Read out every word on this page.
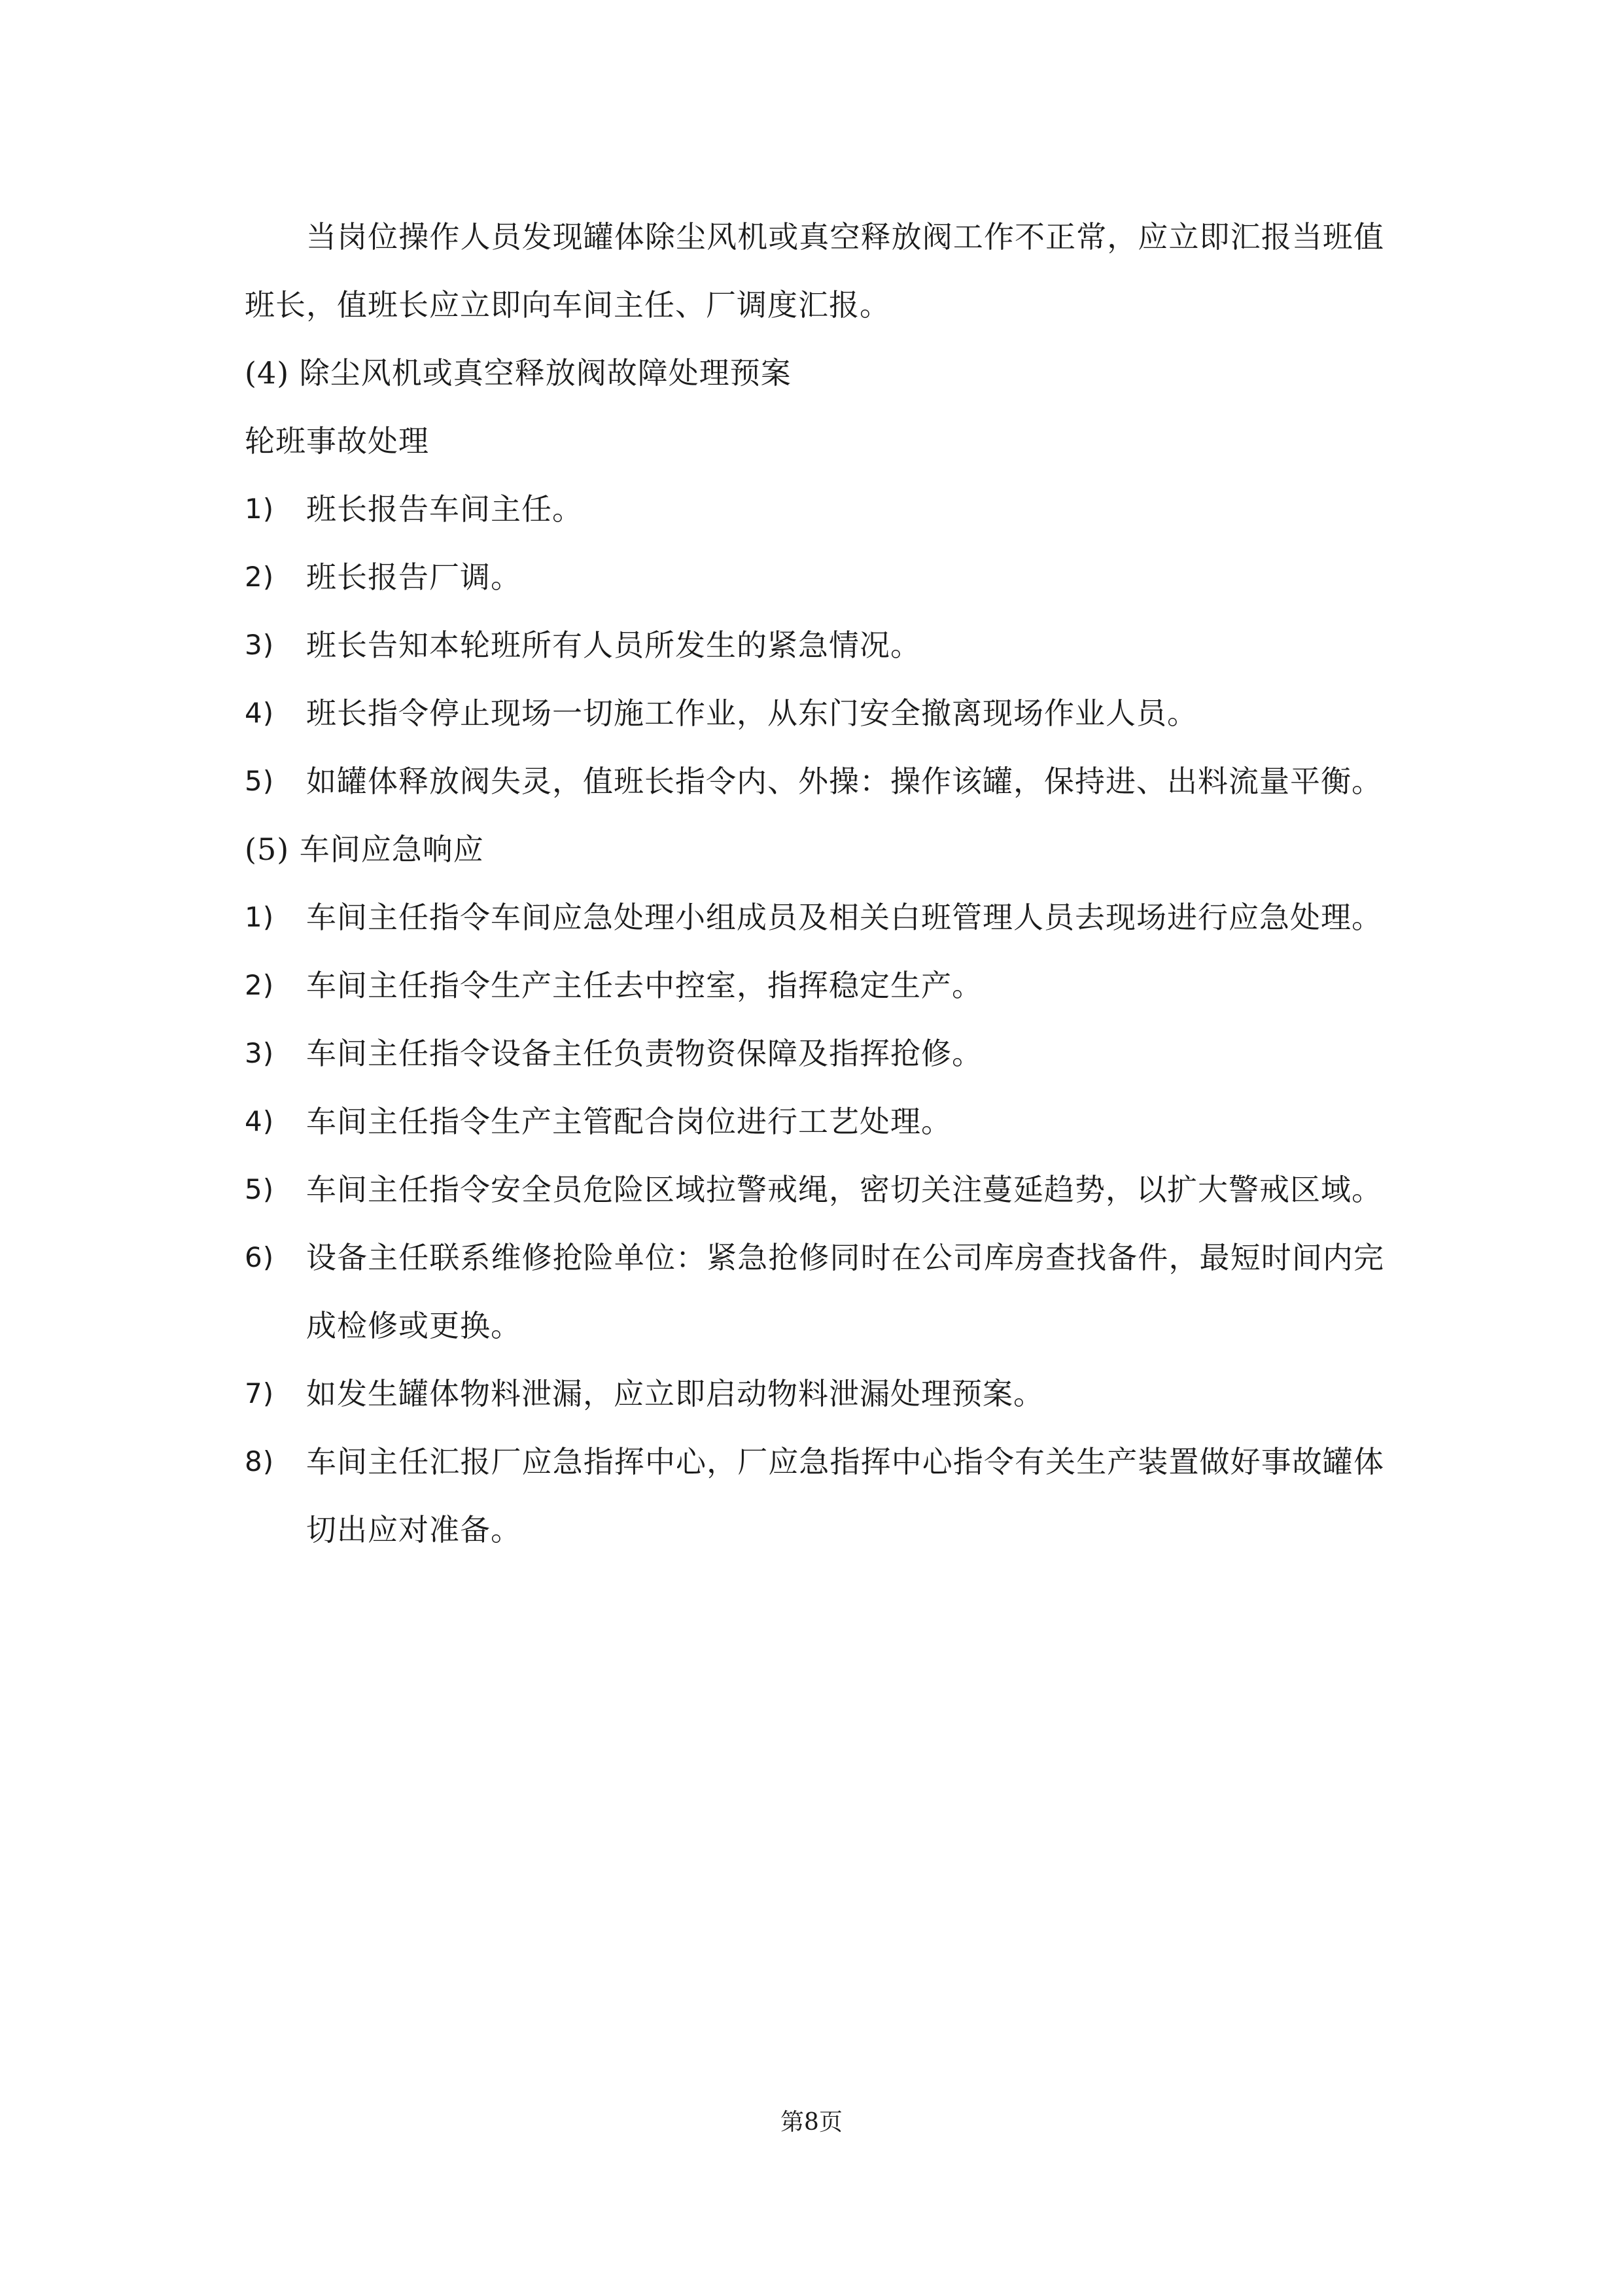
当岗位操作人员发现罐体除尘风机或真空释放阀工作不正常，应立即汇报当班值班长，值班长应立即向车间主任、厂调度汇报。

(4) 除尘风机或真空释放阀故障处理预案

轮班事故处理

1)	班长报告车间主任。
2)	班长报告厂调。
3)	班长告知本轮班所有人员所发生的紧急情况。
4)	班长指令停止现场一切施工作业，从东门安全撤离现场作业人员。
5)	如罐体释放阀失灵，值班长指令内、外操：操作该罐，保持进、出料流量平衡。

(5) 车间应急响应

1)	车间主任指令车间应急处理小组成员及相关白班管理人员去现场进行应急处理。
2)	车间主任指令生产主任去中控室，指挥稳定生产。
3)	车间主任指令设备主任负责物资保障及指挥抢修。
4)	车间主任指令生产主管配合岗位进行工艺处理。
5)	车间主任指令安全员危险区域拉警戒绳，密切关注蔓延趋势，以扩大警戒区域。
6)	设备主任联系维修抢险单位：紧急抢修同时在公司库房查找备件，最短时间内完成检修或更换。
7)	如发生罐体物料泄漏，应立即启动物料泄漏处理预案。
8)	车间主任汇报厂应急指挥中心，厂应急指挥中心指令有关生产装置做好事故罐体切出应对准备。
第8页
